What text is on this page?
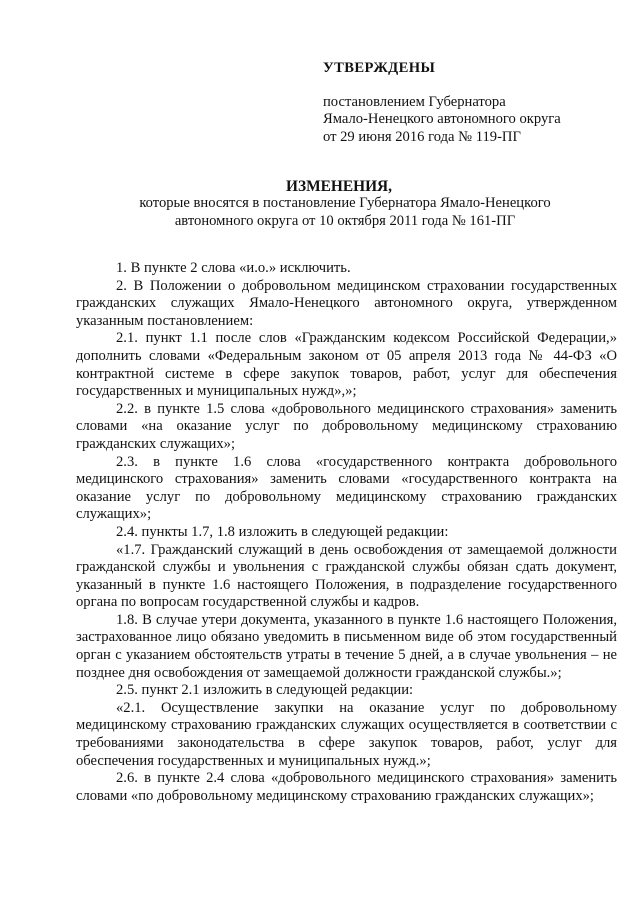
УТВЕРЖДЕНЫ
постановлением Губернатора
Ямало-Ненецкого автономного округа
от 29 июня 2016 года № 119-ПГ
ИЗМЕНЕНИЯ,
которые вносятся в постановление Губернатора Ямало-Ненецкого
автономного округа от 10 октября 2011 года № 161-ПГ

1. В пункте 2 слова «и.о.» исключить.

2. В Положении о добровольном медицинском страховании государственных гражданских служащих Ямало-Ненецкого автономного округа, утвержденном указанным постановлением:

2.1. пункт 1.1 после слов «Гражданским кодексом Российской Федерации,» дополнить словами «Федеральным законом от 05 апреля 2013 года № 44-ФЗ «О контрактной системе в сфере закупок товаров, работ, услуг для обеспечения государственных и муниципальных нужд»,»;

2.2. в пункте 1.5 слова «добровольного медицинского страхования» заменить словами «на оказание услуг по добровольному медицинскому страхованию гражданских служащих»;

2.3. в пункте 1.6 слова «государственного контракта добровольного медицинского страхования» заменить словами «государственного контракта на оказание услуг по добровольному медицинскому страхованию гражданских служащих»;

2.4. пункты 1.7, 1.8 изложить в следующей редакции:

«1.7. Гражданский служащий в день освобождения от замещаемой должности гражданской службы и увольнения с гражданской службы обязан сдать документ, указанный в пункте 1.6 настоящего Положения, в подразделение государственного органа по вопросам государственной службы и кадров.

1.8. В случае утери документа, указанного в пункте 1.6 настоящего Положения, застрахованное лицо обязано уведомить в письменном виде об этом государственный орган с указанием обстоятельств утраты в течение 5 дней, а в случае увольнения – не позднее дня освобождения от замещаемой должности гражданской службы.»;

2.5. пункт 2.1 изложить в следующей редакции:

«2.1. Осуществление закупки на оказание услуг по добровольному медицинскому страхованию гражданских служащих осуществляется в соответствии с требованиями законодательства в сфере закупок товаров, работ, услуг для обеспечения государственных и муниципальных нужд.»;

2.6. в пункте 2.4 слова «добровольного медицинского страхования» заменить словами «по добровольному медицинскому страхованию гражданских служащих»;
